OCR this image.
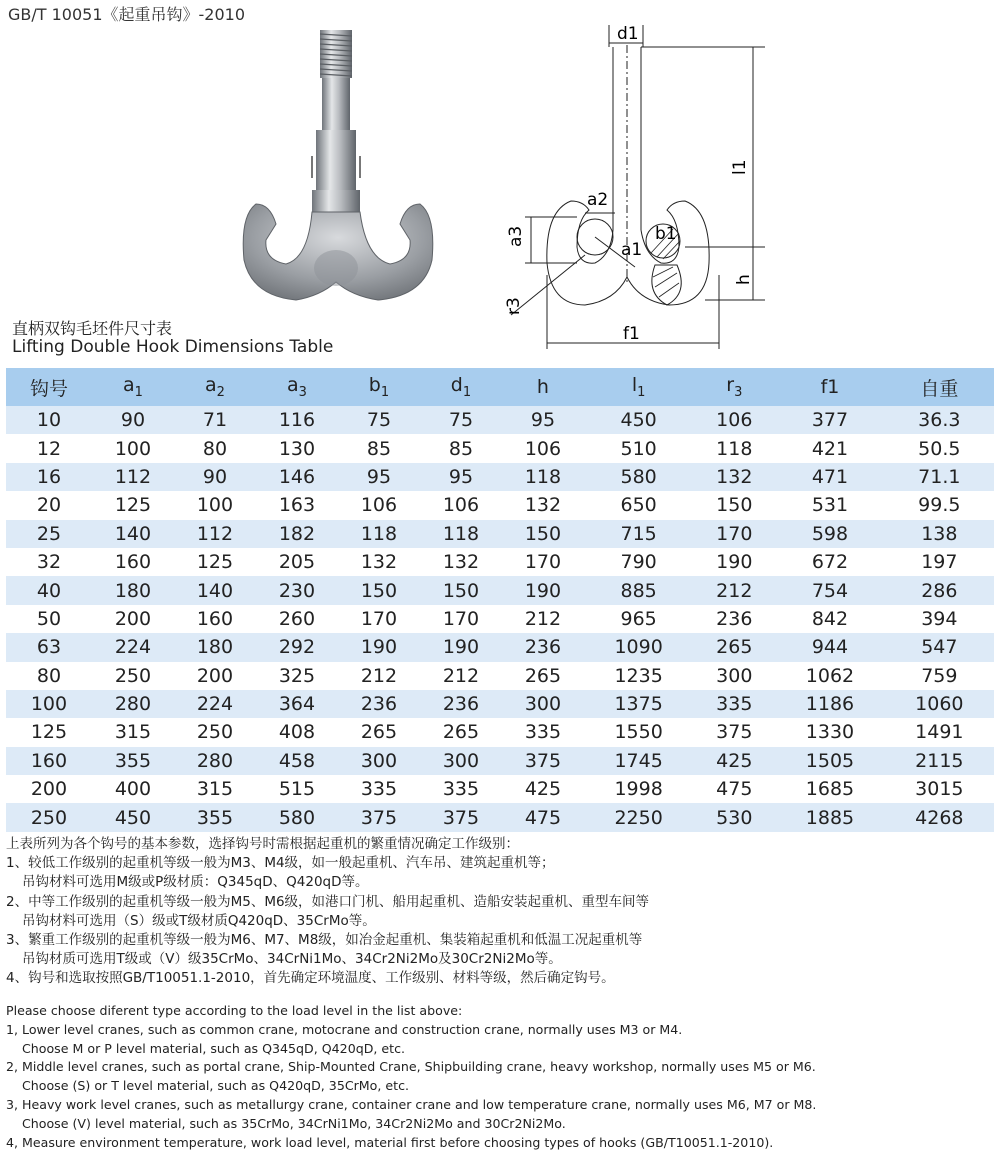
GB/T 10051《起重吊钩》-2010
d1
l1
a2
a3
a1
b1
h
r3
f1
直柄双钩毛坯件尺寸表
Lifting Double Hook Dimensions Table
钩号	$a_1$	$a_2$	$a_3$	$b_1$	$d_1$	h	$l_1$	$r_3$	f1	自重
10	90	71	116	75	75	95	450	106	377	36.3
12	100	80	130	85	85	106	510	118	421	50.5
16	112	90	146	95	95	118	580	132	471	71.1
20	125	100	163	106	106	132	650	150	531	99.5
25	140	112	182	118	118	150	715	170	598	138
32	160	125	205	132	132	170	790	190	672	197
40	180	140	230	150	150	190	885	212	754	286
50	200	160	260	170	170	212	965	236	842	394
63	224	180	292	190	190	236	1090	265	944	547
80	250	200	325	212	212	265	1235	300	1062	759
100	280	224	364	236	236	300	1375	335	1186	1060
125	315	250	408	265	265	335	1550	375	1330	1491
160	355	280	458	300	300	375	1745	425	1505	2115
200	400	315	515	335	335	425	1998	475	1685	3015
250	450	355	580	375	375	475	2250	530	1885	4268
上表所列为各个钩号的基本参数，选择钩号时需根据起重机的繁重情况确定工作级别：
1、较低工作级别的起重机等级一般为M3、M4级，如一般起重机、汽车吊、建筑起重机等；
吊钩材料可选用M级或P级材质：Q345qD、Q420qD等。
2、中等工作级别的起重机等级一般为M5、M6级，如港口门机、船用起重机、造船安装起重机、重型车间等
吊钩材料可选用（S）级或T级材质Q420qD、35CrMo等。
3、繁重工作级别的起重机等级一般为M6、M7、M8级，如冶金起重机、集装箱起重机和低温工况起重机等
吊钩材质可选用T级或（V）级35CrMo、34CrNi1Mo、34Cr2Ni2Mo及30Cr2Ni2Mo等。
4、钩号和选取按照GB/T10051.1-2010，首先确定环境温度、工作级别、材料等级，然后确定钩号。
Please choose diferent type according to the load level in the list above:
1, Lower level cranes, such as common crane, motocrane and construction crane, normally uses M3 or M4.
Choose M or P level material, such as Q345qD, Q420qD, etc.
2, Middle level cranes, such as portal crane, Ship-Mounted Crane, Shipbuilding crane, heavy workshop, normally uses M5 or M6.
Choose (S) or T level material, such as Q420qD, 35CrMo, etc.
3, Heavy work level cranes, such as metallurgy crane, container crane and low temperature crane, normally uses M6, M7 or M8.
Choose (V) level material, such as 35CrMo, 34CrNi1Mo, 34Cr2Ni2Mo and 30Cr2Ni2Mo.
4, Measure environment temperature, work load level, material first before choosing types of hooks (GB/T10051.1-2010).
